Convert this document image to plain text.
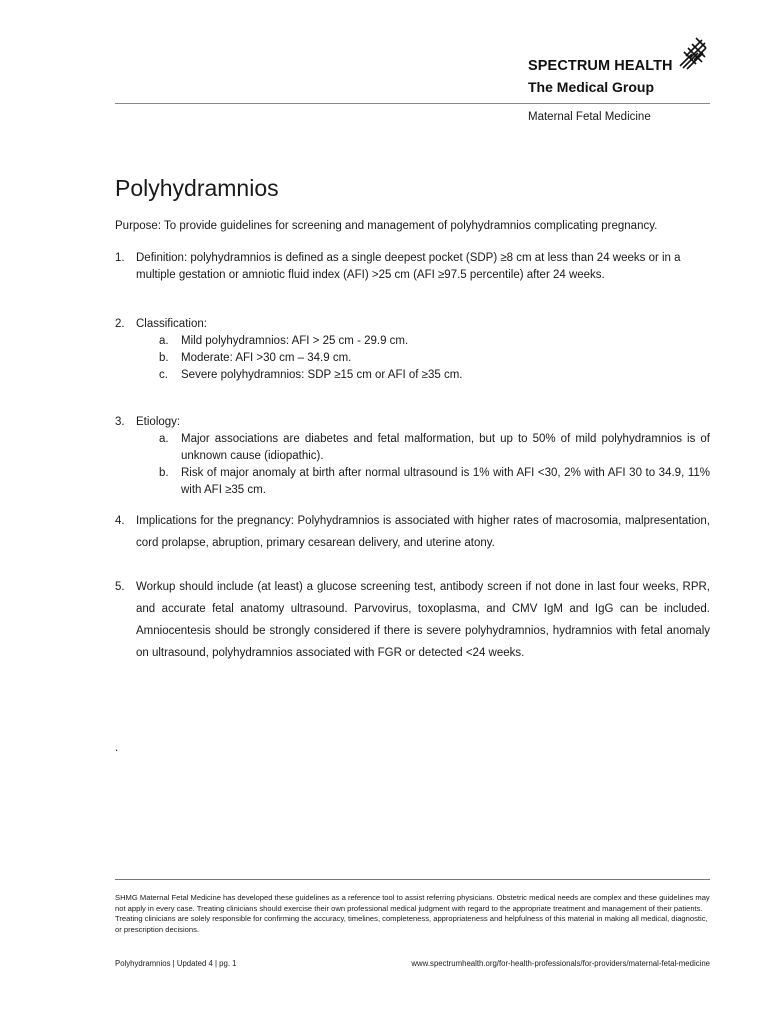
SPECTRUM HEALTH
The Medical Group
Maternal Fetal Medicine
Polyhydramnios
Purpose: To provide guidelines for screening and management of polyhydramnios complicating pregnancy.
1. Definition: polyhydramnios is defined as a single deepest pocket (SDP) ≥8 cm at less than 24 weeks or in a multiple gestation or amniotic fluid index (AFI) >25 cm (AFI ≥97.5 percentile) after 24 weeks.
2. Classification:
a. Mild polyhydramnios: AFI > 25 cm - 29.9 cm.
b. Moderate: AFI >30 cm – 34.9 cm.
c. Severe polyhydramnios: SDP ≥15 cm or AFI of ≥35 cm.
3. Etiology:
a. Major associations are diabetes and fetal malformation, but up to 50% of mild polyhydramnios is of unknown cause (idiopathic).
b. Risk of major anomaly at birth after normal ultrasound is 1% with AFI <30, 2% with AFI 30 to 34.9, 11% with AFI ≥35 cm.
4. Implications for the pregnancy: Polyhydramnios is associated with higher rates of macrosomia, malpresentation, cord prolapse, abruption, primary cesarean delivery, and uterine atony.
5. Workup should include (at least) a glucose screening test, antibody screen if not done in last four weeks, RPR, and accurate fetal anatomy ultrasound. Parvovirus, toxoplasma, and CMV IgM and IgG can be included. Amniocentesis should be strongly considered if there is severe polyhydramnios, hydramnios with fetal anomaly on ultrasound, polyhydramnios associated with FGR or detected <24 weeks.
.
SHMG Maternal Fetal Medicine has developed these guidelines as a reference tool to assist referring physicians. Obstetric medical needs are complex and these guidelines may not apply in every case. Treating clinicians should exercise their own professional medical judgment with regard to the appropriate treatment and management of their patients. Treating clinicians are solely responsible for confirming the accuracy, timelines, completeness, appropriateness and helpfulness of this material in making all medical, diagnostic, or prescription decisions.
Polyhydramnios | Updated 4 | pg. 1	www.spectrumhealth.org/for-health-professionals/for-providers/maternal-fetal-medicine
